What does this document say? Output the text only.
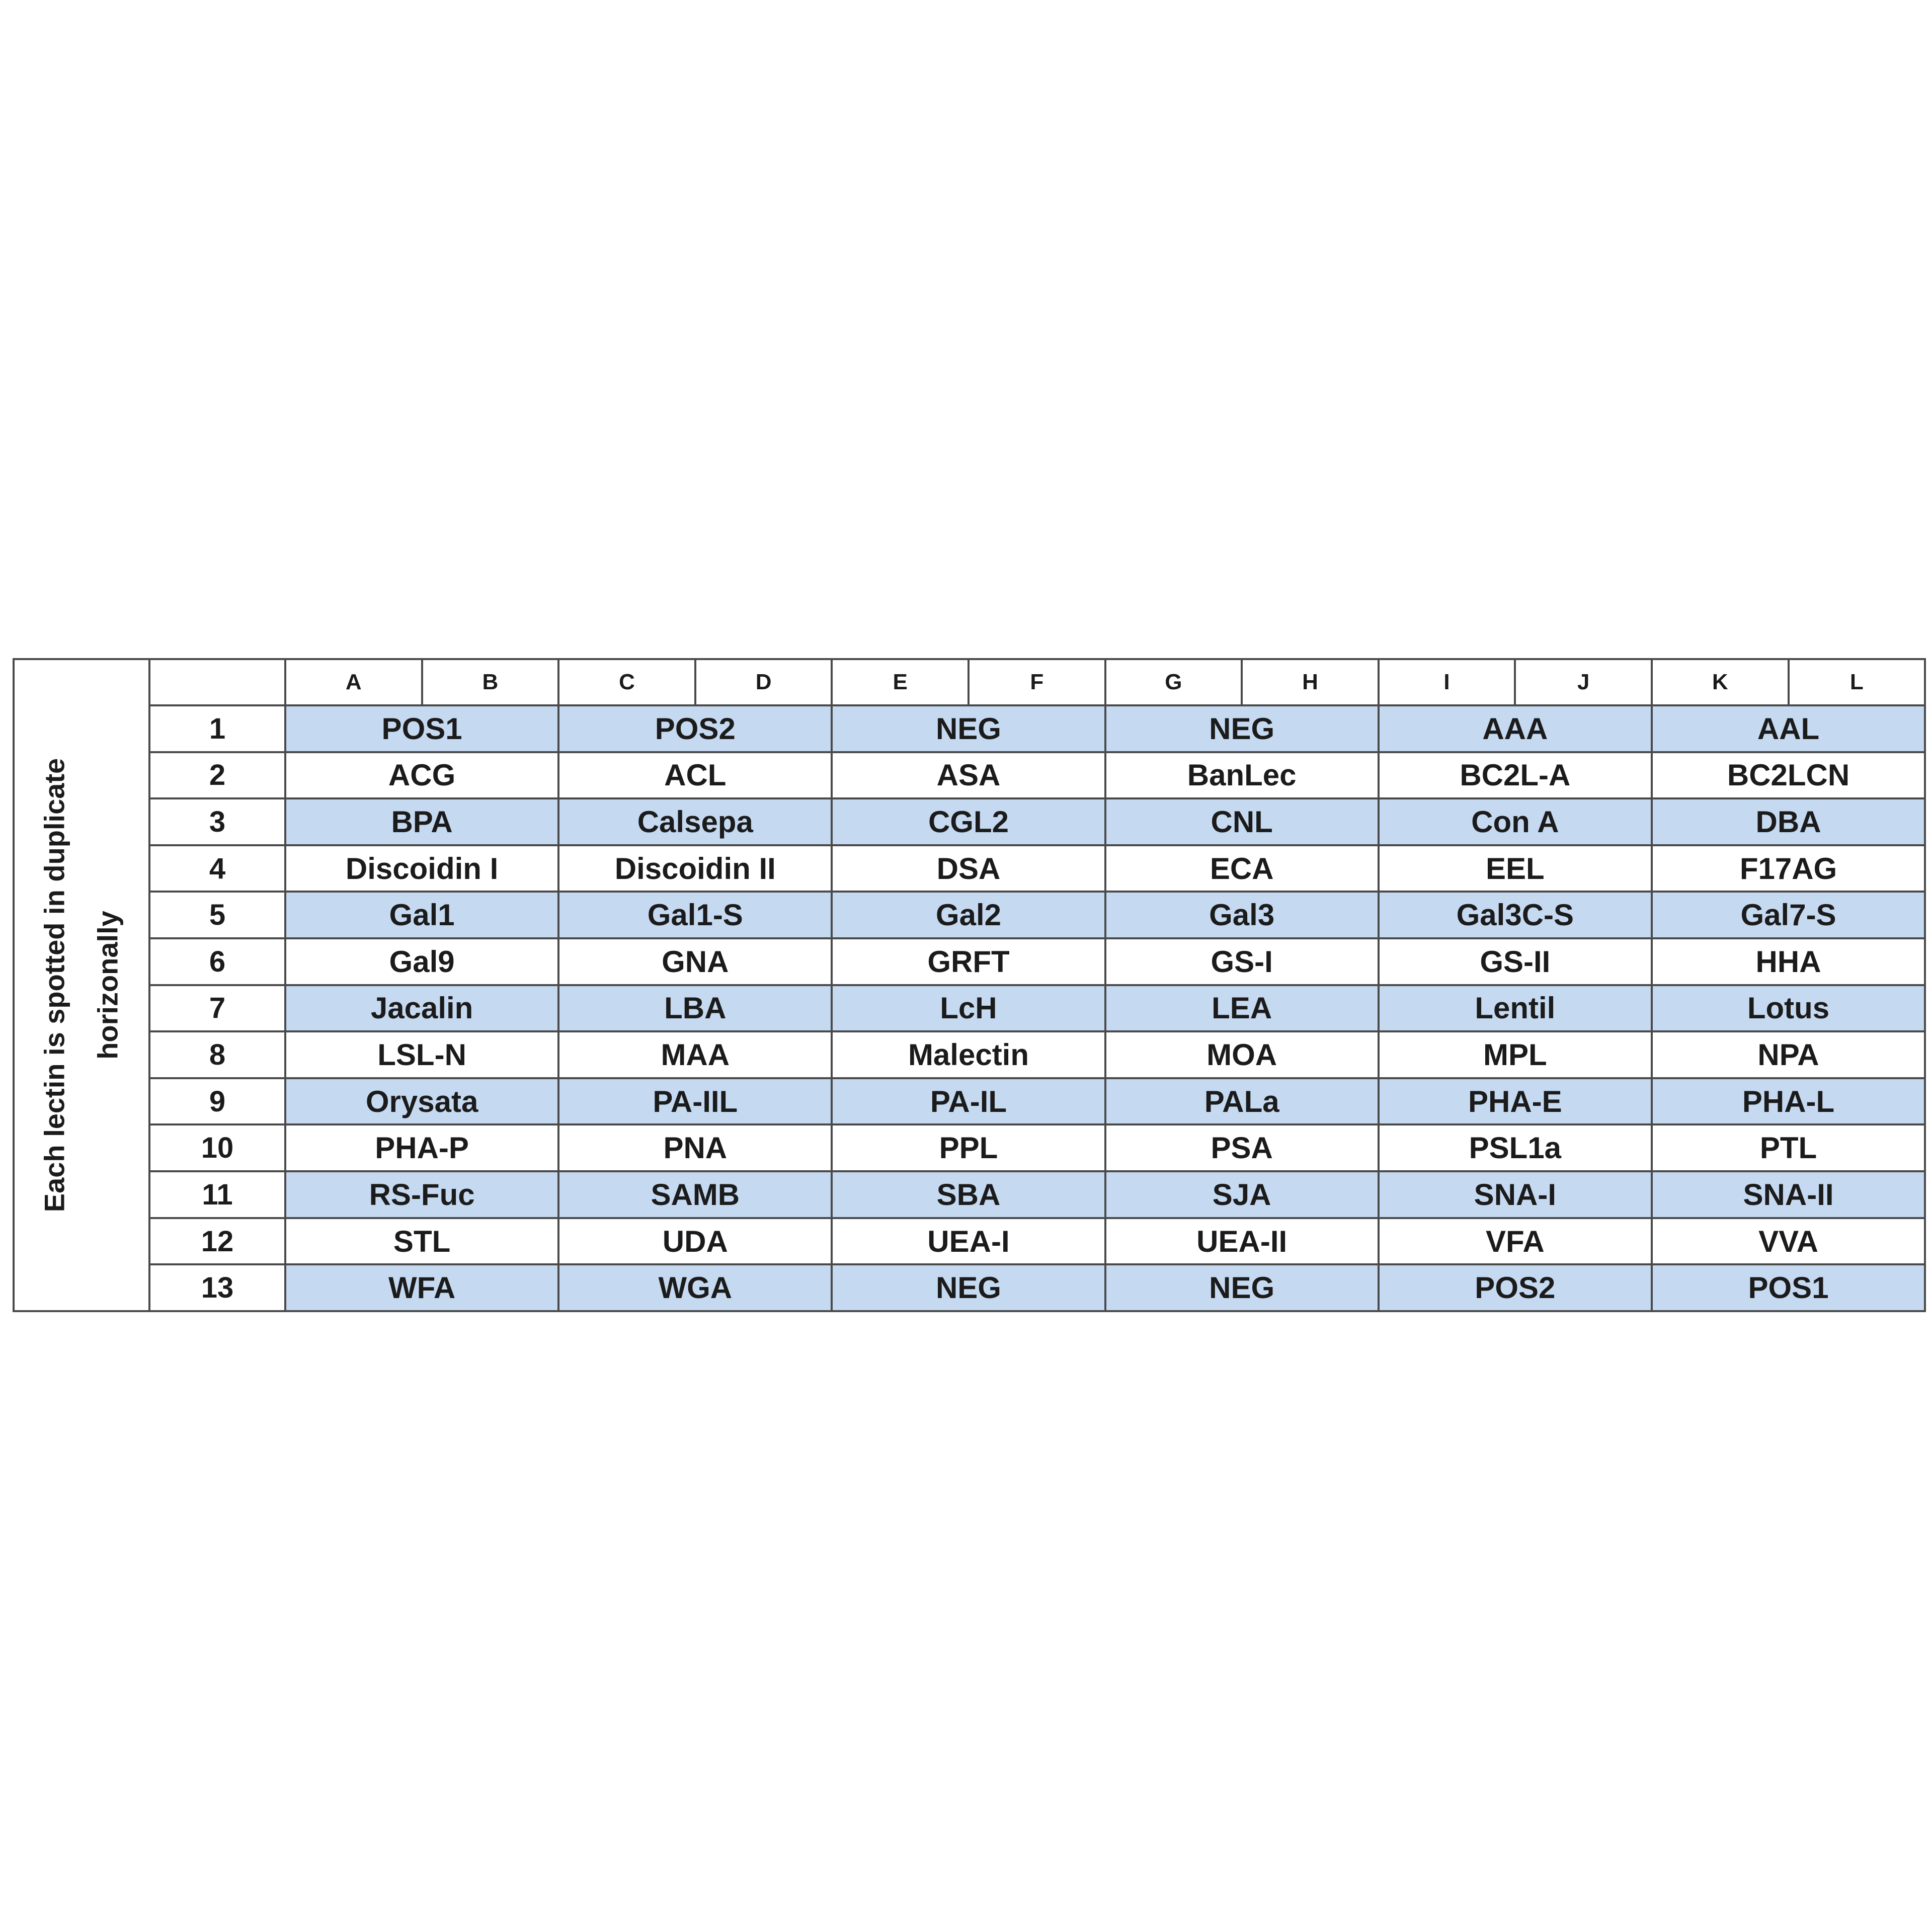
Each lectin is spotted in duplicate horizonally		A	B	C	D	E	F	G	H	I	J	K	L
	1	POS1		POS2		NEG		NEG		AAA		AAL	
	2	ACG		ACL		ASA		BanLec		BC2L-A		BC2LCN	
	3	BPA		Calsepa		CGL2		CNL		Con A		DBA	
	4	Discoidin I		Discoidin II		DSA		ECA		EEL		F17AG	
	5	Gal1		Gal1-S		Gal2		Gal3		Gal3C-S		Gal7-S	
	6	Gal9		GNA		GRFT		GS-I		GS-II		HHA	
	7	Jacalin		LBA		LcH		LEA		Lentil		Lotus	
	8	LSL-N		MAA		Malectin		MOA		MPL		NPA	
	9	Orysata		PA-IIL		PA-IL		PALa		PHA-E		PHA-L	
	10	PHA-P		PNA		PPL		PSA		PSL1a		PTL	
	11	RS-Fuc		SAMB		SBA		SJA		SNA-I		SNA-II	
	12	STL		UDA		UEA-I		UEA-II		VFA		VVA	
	13	WFA		WGA		NEG		NEG		POS2		POS1	
